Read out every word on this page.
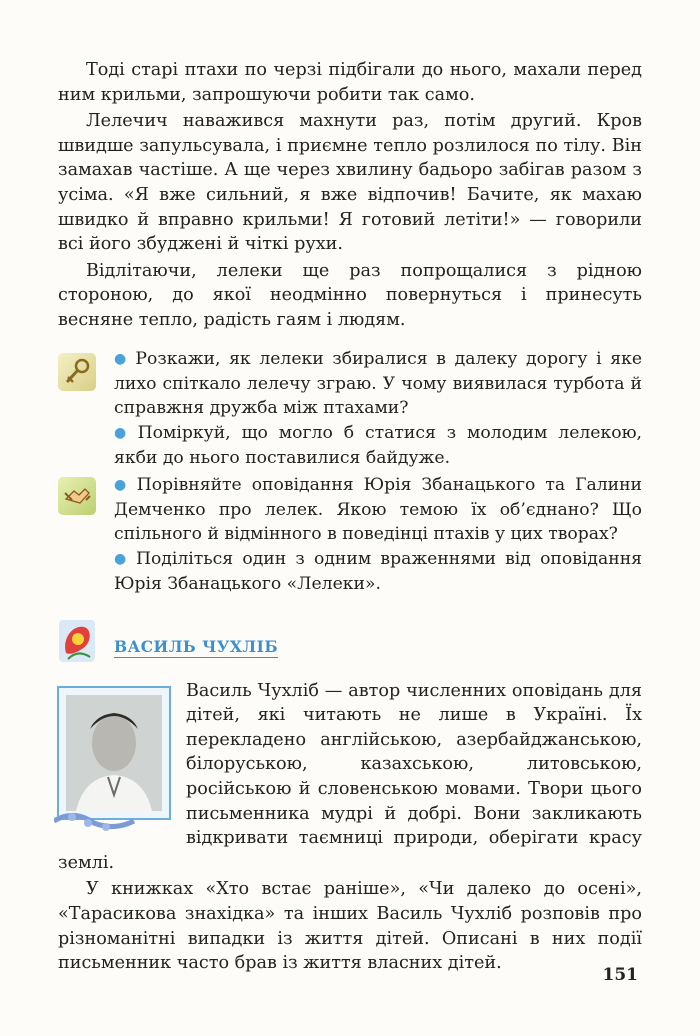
Тоді старі птахи по черзі підбігали до нього, махали перед ним крильми, запрошуючи робити так само.

Лелечич наважився махнути раз, потім другий. Кров швидше запульсувала, і приємне тепло розлилося по тілу. Він замахав частіше. А ще через хвилину бадьоро забігав разом з усіма. «Я вже сильний, я вже відпочив! Бачите, як махаю швидко й вправно крильми! Я готовий летіти!» — говорили всі його збуджені й чіткі рухи.

Відлітаючи, лелеки ще раз попрощалися з рідною стороною, до якої неодмінно повернуться і принесуть весняне тепло, радість гаям і людям.

● Розкажи, як лелеки збиралися в далеку дорогу і яке лихо спіткало лелечу зграю. У чому виявилася турбота й справжня дружба між птахами?

● Поміркуй, що могло б статися з молодим лелекою, якби до нього поставилися байдуже.

● Порівняйте оповідання Юрія Збанацького та Галини Демченко про лелек. Якою темою їх об’єднано? Що спільного й відмінного в поведінці птахів у цих творах?

● Поділіться один з одним враженнями від оповідання Юрія Збанацького «Лелеки».

ВАСИЛЬ ЧУХЛІБ

Василь Чухліб — автор численних оповідань для дітей, які читають не лише в Україні. Їх перекладено англійською, азербайджанською, білоруською, казахською, литовською, російською й словенською мовами. Твори цього письменника мудрі й добрі. Вони закликають відкривати таємниці природи, оберігати красу землі.

У книжках «Хто встає раніше», «Чи далеко до осені», «Тарасикова знахідка» та інших Василь Чухліб розповів про різноманітні випадки із життя дітей. Описані в них події письменник часто брав із життя власних дітей.

151
